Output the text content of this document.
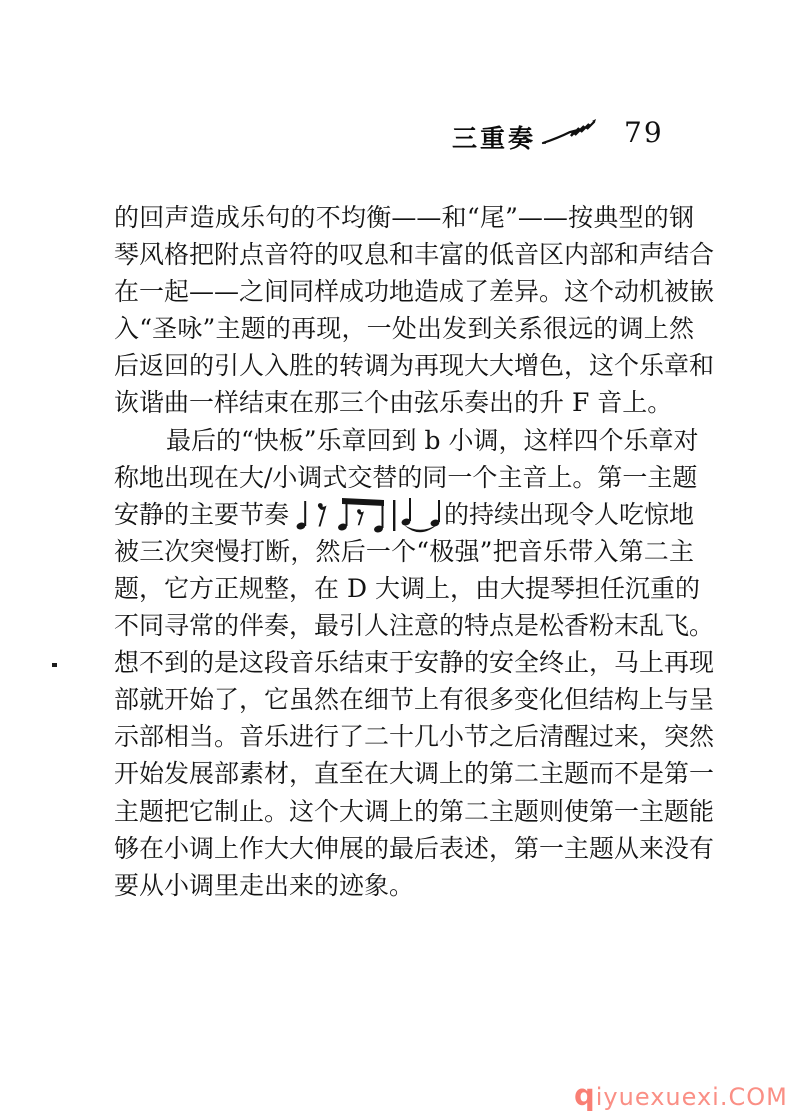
三重奏	79
的回声造成乐句的不均衡——和“尾”——按典型的钢
琴风格把附点音符的叹息和丰富的低音区内部和声结合
在一起——之间同样成功地造成了差异。这个动机被嵌
入“圣咏”主题的再现，一处出发到关系很远的调上然
后返回的引人入胜的转调为再现大大增色，这个乐章和
诙谐曲一样结束在那三个由弦乐奏出的升 F 音上。
最后的“快板”乐章回到 b 小调，这样四个乐章对
称地出现在大/小调式交替的同一个主音上。第一主题
安静的主要节奏	的持续出现令人吃惊地
被三次突慢打断，然后一个“极强”把音乐带入第二主
题，它方正规整，在 D 大调上，由大提琴担任沉重的
不同寻常的伴奏，最引人注意的特点是松香粉末乱飞。
想不到的是这段音乐结束于安静的安全终止，马上再现
部就开始了，它虽然在细节上有很多变化但结构上与呈
示部相当。音乐进行了二十几小节之后清醒过来，突然
开始发展部素材，直至在大调上的第二主题而不是第一
主题把它制止。这个大调上的第二主题则使第一主题能
够在小调上作大大伸展的最后表述，第一主题从来没有
要从小调里走出来的迹象。
qiyuexuexi.COM
